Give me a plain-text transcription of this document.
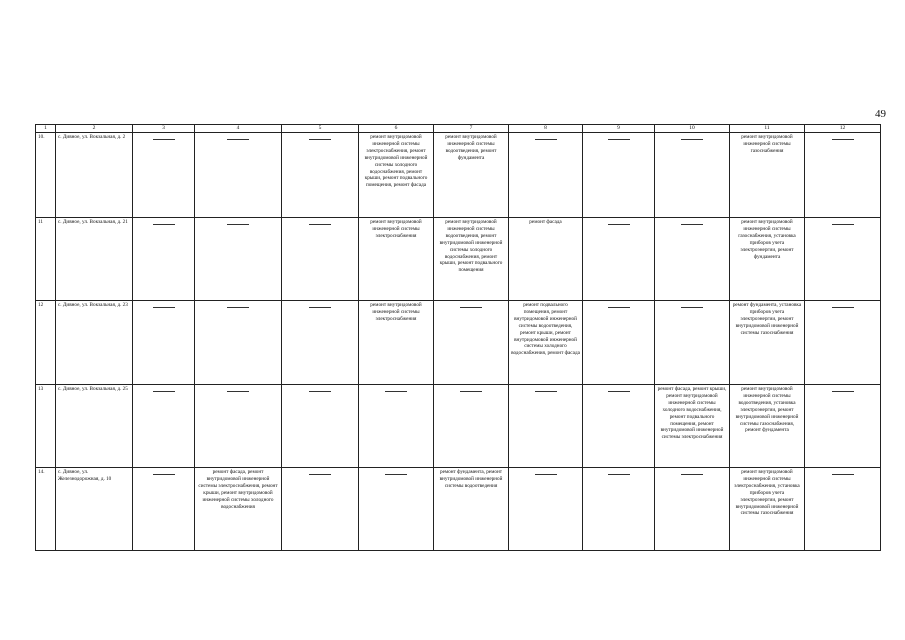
49
1	2	3	4	5	6	7	8	9	10	11	12
10.	с. Дивное, ул. Вокзальная, д. 2				ремонт внутридомовой инженерной системы электроснабжения, ремонт внутридомовой инженерной системы холодного водоснабжения, ремонт крыши, ремонт подвального помещения, ремонт фасада	ремонт внутридомовой инженерной системы водоотведения, ремонт фундамента				ремонт внутридомовой инженерной системы газоснабжения	
11	с. Дивное, ул. Вокзальная, д. 21				ремонт внутридомовой инженерной системы электроснабжения	ремонт внутридомовой инженерной системы водоотведения, ремонт внутридомовой инженерной системы холодного водоснабжения, ремонт крыши, ремонт подвального помещения	ремонт фасада			ремонт внутридомовой инженерной системы газоснабжения, установка приборов учета электроэнергии, ремонт фундамента	
12	с. Дивное, ул. Вокзальная, д. 23				ремонт внутридомовой инженерной системы электроснабжения		ремонт подвального помещения, ремонт внутридомовой инженерной системы водоотведения, ремонт крыши, ремонт внутридомовой инженерной системы холодного водоснабжения, ремонт фасада			ремонт фундамента, установка приборов учета электроэнергии, ремонт внутридомовой инженерной системы газоснабжения	
13	с. Дивное, ул. Вокзальная, д. 25								ремонт фасада, ремонт крыши, ремонт внутридомовой инженерной системы холодного водоснабжения, ремонт подвального помещения, ремонт внутридомовой инженерной системы электроснабжения	ремонт внутридомовой инженерной системы водоотведения, установка электроэнергии, ремонт внутридомовой инженерной системы газоснабжения, ремонт фундамента	
14.	с. Дивное, ул. Железнодорожная, д. 10		ремонт фасада, ремонт внутридомовой инженерной системы электроснабжения, ремонт крыши, ремонт внутридомовой инженерной системы холодного водоснабжения			ремонт фундамента, ремонт внутридомовой инженерной системы водоотведения				ремонт внутридомовой инженерной системы электроснабжения, установка приборов учета электроэнергии, ремонт внутридомовой инженерной системы газоснабжения	
